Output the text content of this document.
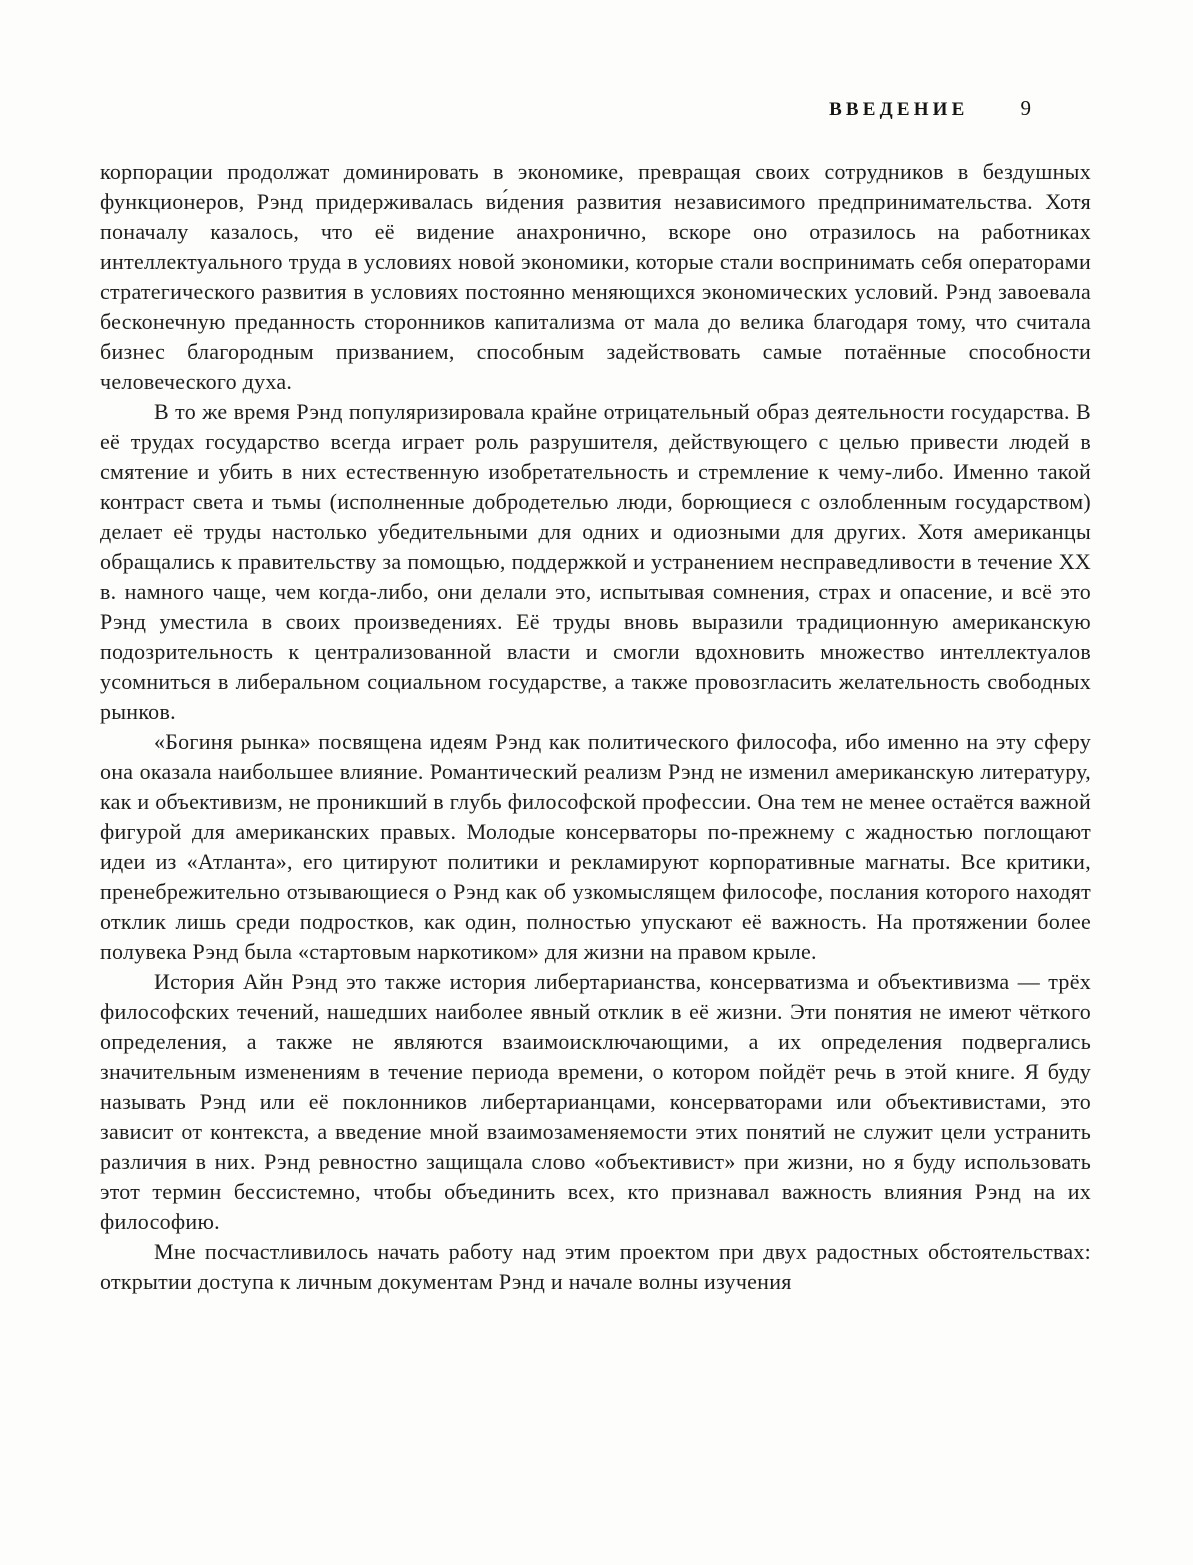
ВВЕДЕНИЕ 9

корпорации продолжат доминировать в экономике, превращая своих сотрудников в бездушных функционеров, Рэнд придерживалась ви́дения развития независимого предпринимательства. Хотя поначалу казалось, что её видение анахронично, вскоре оно отразилось на работниках интеллектуального труда в условиях новой экономики, которые стали воспринимать себя операторами стратегического развития в условиях постоянно меняющихся экономических условий. Рэнд завоевала бесконечную преданность сторонников капитализма от мала до велика благодаря тому, что считала бизнес благородным призванием, способным задействовать самые потаённые способности человеческого духа.

В то же время Рэнд популяризировала крайне отрицательный образ деятельности государства. В её трудах государство всегда играет роль разрушителя, действующего с целью привести людей в смятение и убить в них естественную изобретательность и стремление к чему-либо. Именно такой контраст света и тьмы (исполненные добродетелью люди, борющиеся с озлобленным государством) делает её труды настолько убедительными для одних и одиозными для других. Хотя американцы обращались к правительству за помощью, поддержкой и устранением несправедливости в течение XX в. намного чаще, чем когда-либо, они делали это, испытывая сомнения, страх и опасение, и всё это Рэнд уместила в своих произведениях. Её труды вновь выразили традиционную американскую подозрительность к централизованной власти и смогли вдохновить множество интеллектуалов усомниться в либеральном социальном государстве, а также провозгласить желательность свободных рынков.

«Богиня рынка» посвящена идеям Рэнд как политического философа, ибо именно на эту сферу она оказала наибольшее влияние. Романтический реализм Рэнд не изменил американскую литературу, как и объективизм, не проникший в глубь философской профессии. Она тем не менее остаётся важной фигурой для американских правых. Молодые консерваторы по-прежнему с жадностью поглощают идеи из «Атланта», его цитируют политики и рекламируют корпоративные магнаты. Все критики, пренебрежительно отзывающиеся о Рэнд как об узкомыслящем философе, послания которого находят отклик лишь среди подростков, как один, полностью упускают её важность. На протяжении более полувека Рэнд была «стартовым наркотиком» для жизни на правом крыле.

История Айн Рэнд это также история либертарианства, консерватизма и объективизма — трёх философских течений, нашедших наиболее явный отклик в её жизни. Эти понятия не имеют чёткого определения, а также не являются взаимоисключающими, а их определения подвергались значительным изменениям в течение периода времени, о котором пойдёт речь в этой книге. Я буду называть Рэнд или её поклонников либертарианцами, консерваторами или объективистами, это зависит от контекста, а введение мной взаимозаменяемости этих понятий не служит цели устранить различия в них. Рэнд ревностно защищала слово «объективист» при жизни, но я буду использовать этот термин бессистемно, чтобы объединить всех, кто признавал важность влияния Рэнд на их философию.

Мне посчастливилось начать работу над этим проектом при двух радостных обстоятельствах: открытии доступа к личным документам Рэнд и начале волны изучения
